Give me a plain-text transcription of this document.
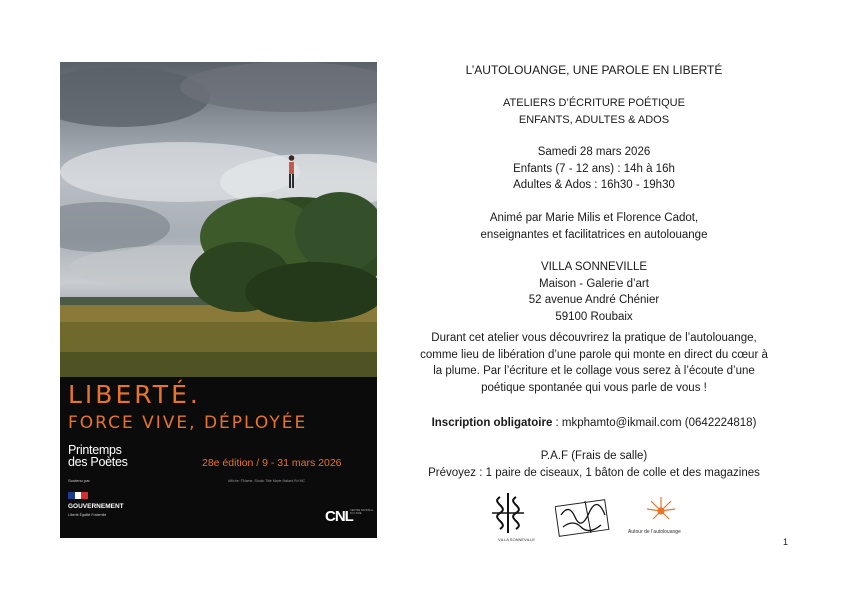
LIBERTÉ.
FORCE VIVE, DÉPLOYÉE
Printemps
des Poètes	28e édition / 9 - 31 mars 2026
Soutenu par	Affiche: ©Name, Studio Title Marie Malard Rd MC
GOUVERNEMENT
Liberté Égalité Fraternité	CNL
CENTRE NATIONAL DU LIVRE
L’AUTOLOUANGE, UNE PAROLE EN LIBERTÉ
ATELIERS D’ÉCRITURE POÉTIQUE
ENFANTS, ADULTES & ADOS
Samedi 28 mars 2026
Enfants (7 - 12 ans) : 14h à 16h
Adultes & Ados : 16h30 - 19h30
Animé par Marie Milis et Florence Cadot,
enseignantes et facilitatrices en autolouange
VILLA SONNEVILLE
Maison - Galerie d’art
52 avenue André Chénier
59100 Roubaix
Durant cet atelier vous découvrirez la pratique de l’autolouange,
comme lieu de libération d’une parole qui monte en direct du cœur à
la plume. Par l’écriture et le collage vous serez à l’écoute d’une
poétique spontanée qui vous parle de vous !
Inscription obligatoire : mkphamto@ikmail.com (0642224818)
P.A.F (Frais de salle)
Prévoyez : 1 paire de ciseaux, 1 bâton de colle et des magazines
VILLA SONNEVILLE
Autour de l’autolouange
1
